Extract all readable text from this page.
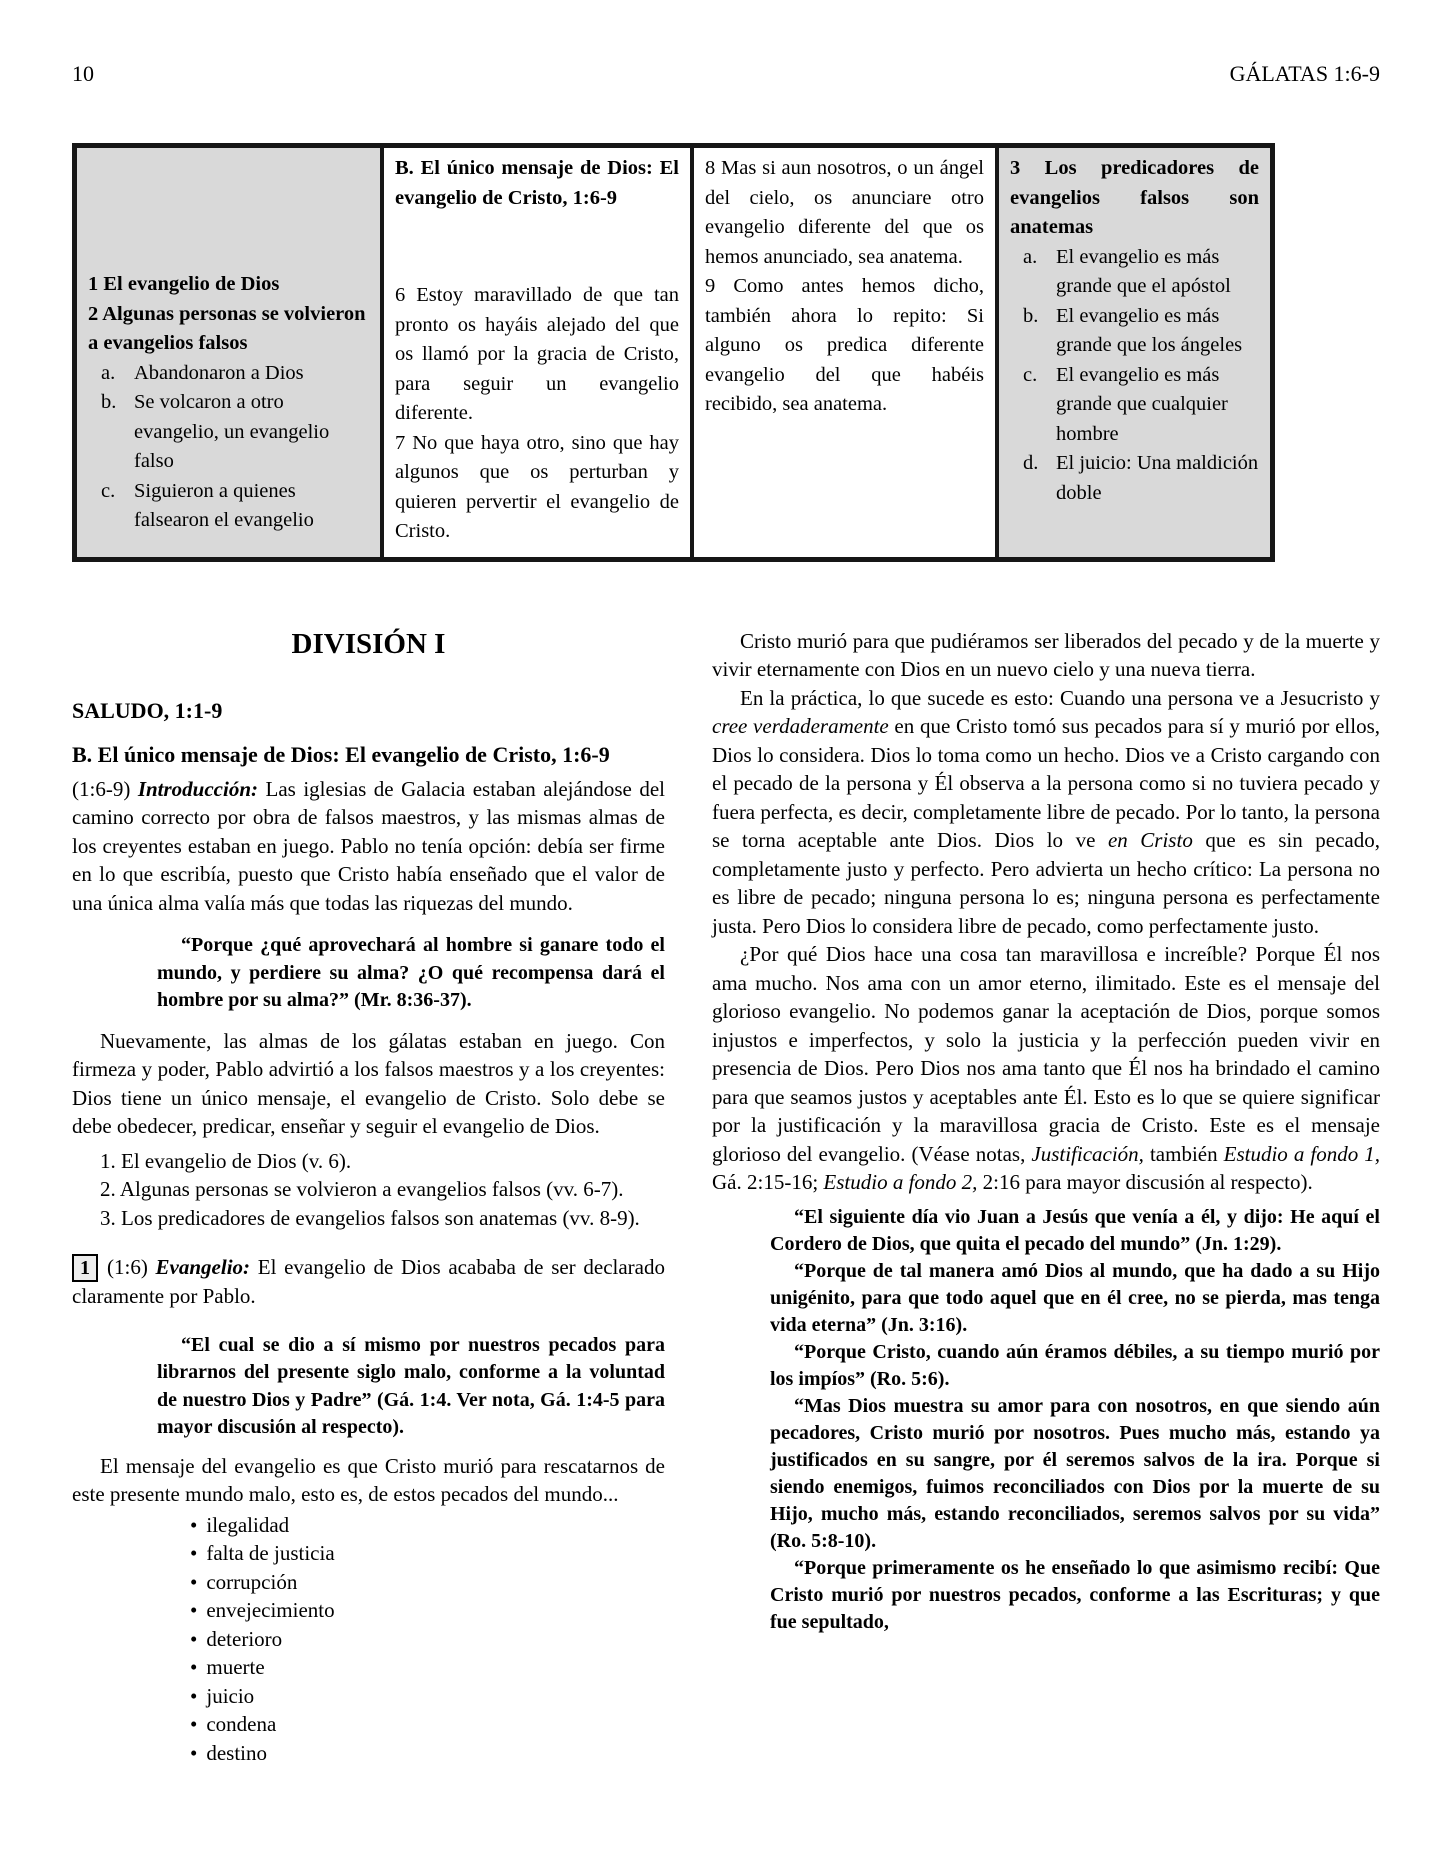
10	GÁLATAS 1:6-9

1 El evangelio de Dios

2 Algunas personas se volvieron a evangelios falsos

a. Abandonaron a Dios
b. Se volcaron a otro evangelio, un evangelio falso
c. Siguieron a quienes falsearon el evangelio

B. El único mensaje de Dios: El evangelio de Cristo, 1:6-9

6 Estoy maravillado de que tan pronto os hayáis alejado del que os llamó por la gracia de Cristo, para seguir un evangelio diferente.

7 No que haya otro, sino que hay algunos que os perturban y quieren pervertir el evangelio de Cristo.

8 Mas si aun nosotros, o un ángel del cielo, os anunciare otro evangelio diferente del que os hemos anunciado, sea anatema.

9 Como antes hemos dicho, también ahora lo repito: Si alguno os predica diferente evangelio del que habéis recibido, sea anatema.

3 Los predicadores de evangelios falsos son anatemas

a. El evangelio es más grande que el apóstol
b. El evangelio es más grande que los ángeles
c. El evangelio es más grande que cualquier hombre
d. El juicio: Una maldición doble

DIVISIÓN I

SALUDO, 1:1-9

B. El único mensaje de Dios: El evangelio de Cristo, 1:6-9

(1:6-9) Introducción: Las iglesias de Galacia estaban alejándose del camino correcto por obra de falsos maestros, y las mismas almas de los creyentes estaban en juego. Pablo no tenía opción: debía ser firme en lo que escribía, puesto que Cristo había enseñado que el valor de una única alma valía más que todas las riquezas del mundo.

“Porque ¿qué aprovechará al hombre si ganare todo el mundo, y perdiere su alma? ¿O qué recompensa dará el hombre por su alma?” (Mr. 8:36-37).

Nuevamente, las almas de los gálatas estaban en juego. Con firmeza y poder, Pablo advirtió a los falsos maestros y a los creyentes: Dios tiene un único mensaje, el evangelio de Cristo. Solo debe se debe obedecer, predicar, enseñar y seguir el evangelio de Dios.

1. El evangelio de Dios (v. 6).

2. Algunas personas se volvieron a evangelios falsos (vv. 6-7).

3. Los predicadores de evangelios falsos son anatemas (vv. 8-9).

1 (1:6) Evangelio: El evangelio de Dios acababa de ser declarado claramente por Pablo.

“El cual se dio a sí mismo por nuestros pecados para librarnos del presente siglo malo, conforme a la voluntad de nuestro Dios y Padre” (Gá. 1:4. Ver nota, Gá. 1:4-5 para mayor discusión al respecto).

El mensaje del evangelio es que Cristo murió para rescatarnos de este presente mundo malo, esto es, de estos pecados del mundo...

• ilegalidad

• falta de justicia

• corrupción

• envejecimiento

• deterioro

• muerte

• juicio

• condena

• destino

Cristo murió para que pudiéramos ser liberados del pecado y de la muerte y vivir eternamente con Dios en un nuevo cielo y una nueva tierra.

En la práctica, lo que sucede es esto: Cuando una persona ve a Jesucristo y cree verdaderamente en que Cristo tomó sus pecados para sí y murió por ellos, Dios lo considera. Dios lo toma como un hecho. Dios ve a Cristo cargando con el pecado de la persona y Él observa a la persona como si no tuviera pecado y fuera perfecta, es decir, completamente libre de pecado. Por lo tanto, la persona se torna aceptable ante Dios. Dios lo ve en Cristo que es sin pecado, completamente justo y perfecto. Pero advierta un hecho crítico: La persona no es libre de pecado; ninguna persona lo es; ninguna persona es perfectamente justa. Pero Dios lo considera libre de pecado, como perfectamente justo.

¿Por qué Dios hace una cosa tan maravillosa e increíble? Porque Él nos ama mucho. Nos ama con un amor eterno, ilimitado. Este es el mensaje del glorioso evangelio. No podemos ganar la aceptación de Dios, porque somos injustos e imperfectos, y solo la justicia y la perfección pueden vivir en presencia de Dios. Pero Dios nos ama tanto que Él nos ha brindado el camino para que seamos justos y aceptables ante Él. Esto es lo que se quiere significar por la justificación y la maravillosa gracia de Cristo. Este es el mensaje glorioso del evangelio. (Véase notas, Justificación, también Estudio a fondo 1, Gá. 2:15-16; Estudio a fondo 2, 2:16 para mayor discusión al respecto).

“El siguiente día vio Juan a Jesús que venía a él, y dijo: He aquí el Cordero de Dios, que quita el pecado del mundo” (Jn. 1:29).

“Porque de tal manera amó Dios al mundo, que ha dado a su Hijo unigénito, para que todo aquel que en él cree, no se pierda, mas tenga vida eterna” (Jn. 3:16).

“Porque Cristo, cuando aún éramos débiles, a su tiempo murió por los impíos” (Ro. 5:6).

“Mas Dios muestra su amor para con nosotros, en que siendo aún pecadores, Cristo murió por nosotros. Pues mucho más, estando ya justificados en su sangre, por él seremos salvos de la ira. Porque si siendo enemigos, fuimos reconciliados con Dios por la muerte de su Hijo, mucho más, estando reconciliados, seremos salvos por su vida” (Ro. 5:8-10).

“Porque primeramente os he enseñado lo que asimismo recibí: Que Cristo murió por nuestros pecados, conforme a las Escrituras; y que fue sepultado,
